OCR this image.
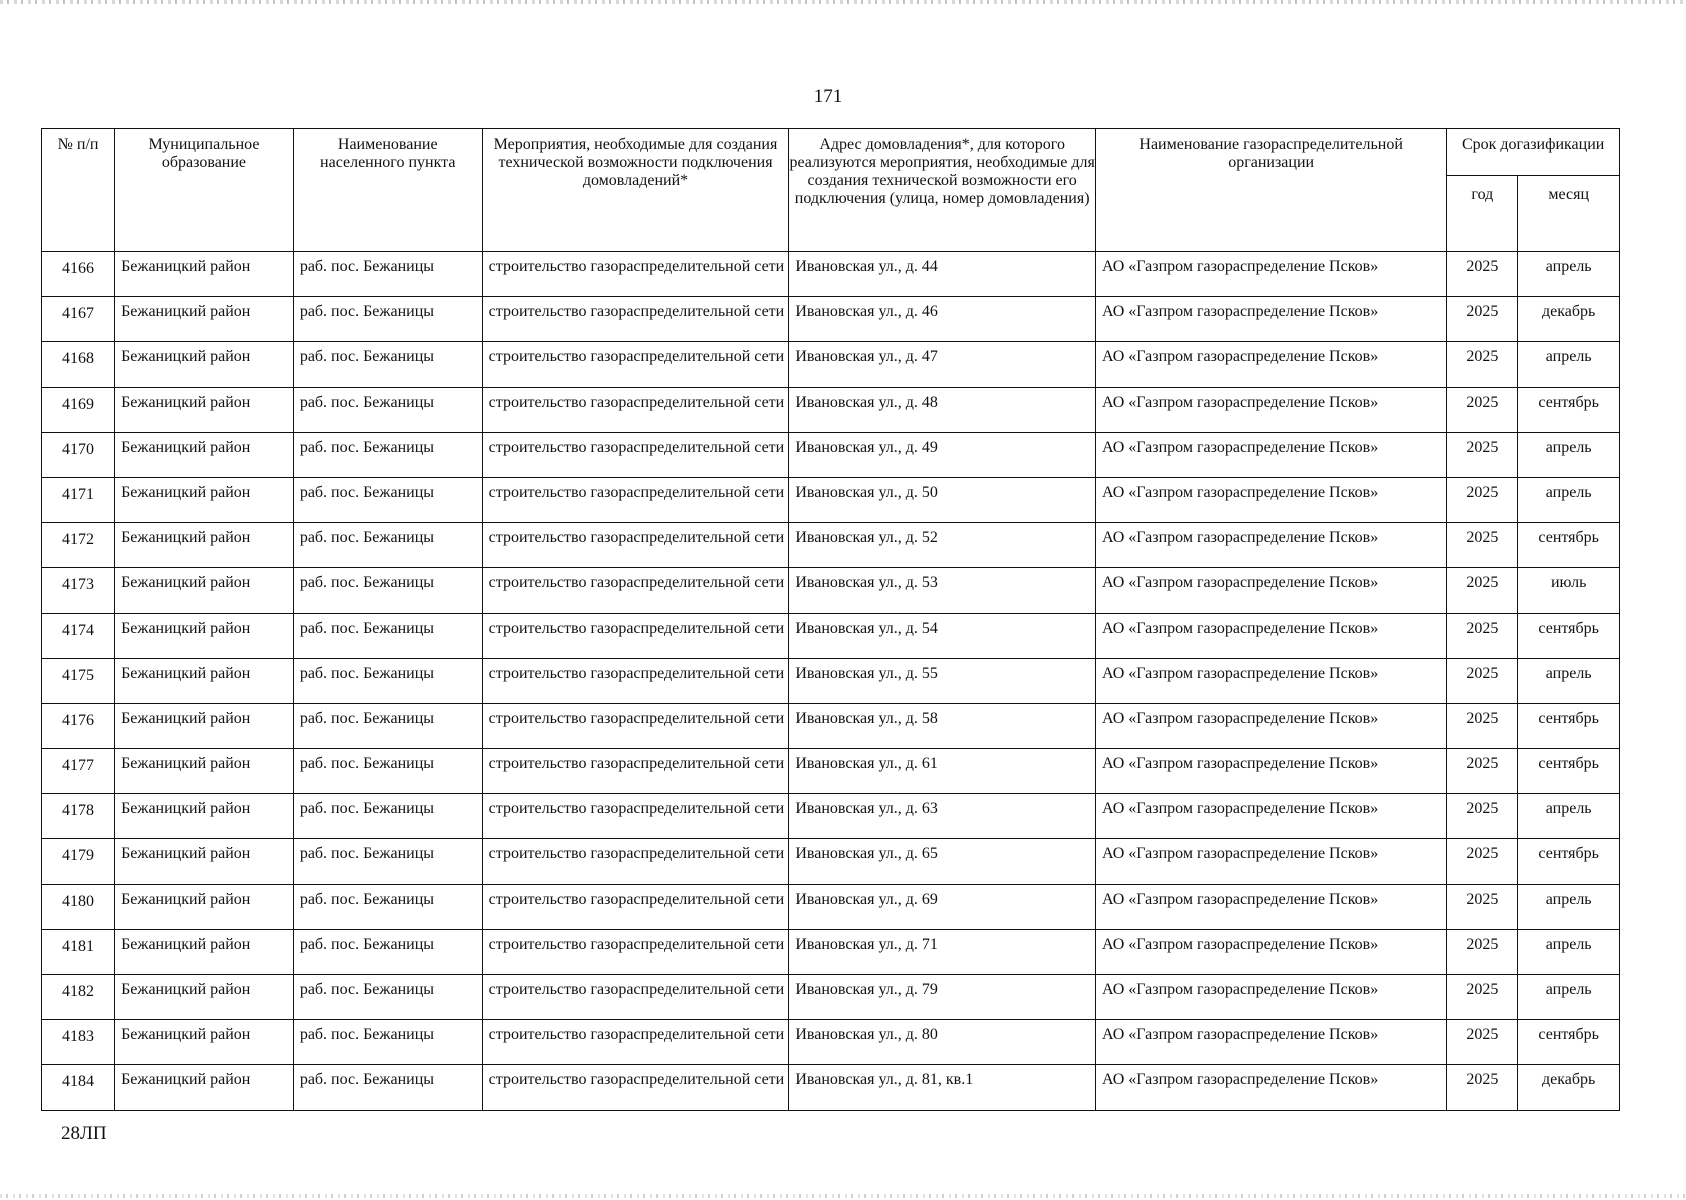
171
№ п/п	Муниципальное образование	Наименование населенного пункта	Мероприятия, необходимые для создания технической возможности подключения домовладений*	Адрес домовладения*, для которого реализуются мероприятия, необходимые для создания технической возможности его подключения (улица, номер домовладения)	Наименование газораспределительной организации	Срок догазификации	
						год	месяц
4166	Бежаницкий район	раб. пос. Бежаницы	строительство газораспределительной сети	Ивановская ул., д. 44	АО «Газпром газораспределение Псков»	2025	апрель
4167	Бежаницкий район	раб. пос. Бежаницы	строительство газораспределительной сети	Ивановская ул., д. 46	АО «Газпром газораспределение Псков»	2025	декабрь
4168	Бежаницкий район	раб. пос. Бежаницы	строительство газораспределительной сети	Ивановская ул., д. 47	АО «Газпром газораспределение Псков»	2025	апрель
4169	Бежаницкий район	раб. пос. Бежаницы	строительство газораспределительной сети	Ивановская ул., д. 48	АО «Газпром газораспределение Псков»	2025	сентябрь
4170	Бежаницкий район	раб. пос. Бежаницы	строительство газораспределительной сети	Ивановская ул., д. 49	АО «Газпром газораспределение Псков»	2025	апрель
4171	Бежаницкий район	раб. пос. Бежаницы	строительство газораспределительной сети	Ивановская ул., д. 50	АО «Газпром газораспределение Псков»	2025	апрель
4172	Бежаницкий район	раб. пос. Бежаницы	строительство газораспределительной сети	Ивановская ул., д. 52	АО «Газпром газораспределение Псков»	2025	сентябрь
4173	Бежаницкий район	раб. пос. Бежаницы	строительство газораспределительной сети	Ивановская ул., д. 53	АО «Газпром газораспределение Псков»	2025	июль
4174	Бежаницкий район	раб. пос. Бежаницы	строительство газораспределительной сети	Ивановская ул., д. 54	АО «Газпром газораспределение Псков»	2025	сентябрь
4175	Бежаницкий район	раб. пос. Бежаницы	строительство газораспределительной сети	Ивановская ул., д. 55	АО «Газпром газораспределение Псков»	2025	апрель
4176	Бежаницкий район	раб. пос. Бежаницы	строительство газораспределительной сети	Ивановская ул., д. 58	АО «Газпром газораспределение Псков»	2025	сентябрь
4177	Бежаницкий район	раб. пос. Бежаницы	строительство газораспределительной сети	Ивановская ул., д. 61	АО «Газпром газораспределение Псков»	2025	сентябрь
4178	Бежаницкий район	раб. пос. Бежаницы	строительство газораспределительной сети	Ивановская ул., д. 63	АО «Газпром газораспределение Псков»	2025	апрель
4179	Бежаницкий район	раб. пос. Бежаницы	строительство газораспределительной сети	Ивановская ул., д. 65	АО «Газпром газораспределение Псков»	2025	сентябрь
4180	Бежаницкий район	раб. пос. Бежаницы	строительство газораспределительной сети	Ивановская ул., д. 69	АО «Газпром газораспределение Псков»	2025	апрель
4181	Бежаницкий район	раб. пос. Бежаницы	строительство газораспределительной сети	Ивановская ул., д. 71	АО «Газпром газораспределение Псков»	2025	апрель
4182	Бежаницкий район	раб. пос. Бежаницы	строительство газораспределительной сети	Ивановская ул., д. 79	АО «Газпром газораспределение Псков»	2025	апрель
4183	Бежаницкий район	раб. пос. Бежаницы	строительство газораспределительной сети	Ивановская ул., д. 80	АО «Газпром газораспределение Псков»	2025	сентябрь
4184	Бежаницкий район	раб. пос. Бежаницы	строительство газораспределительной сети	Ивановская ул., д. 81, кв.1	АО «Газпром газораспределение Псков»	2025	декабрь
28ЛП
